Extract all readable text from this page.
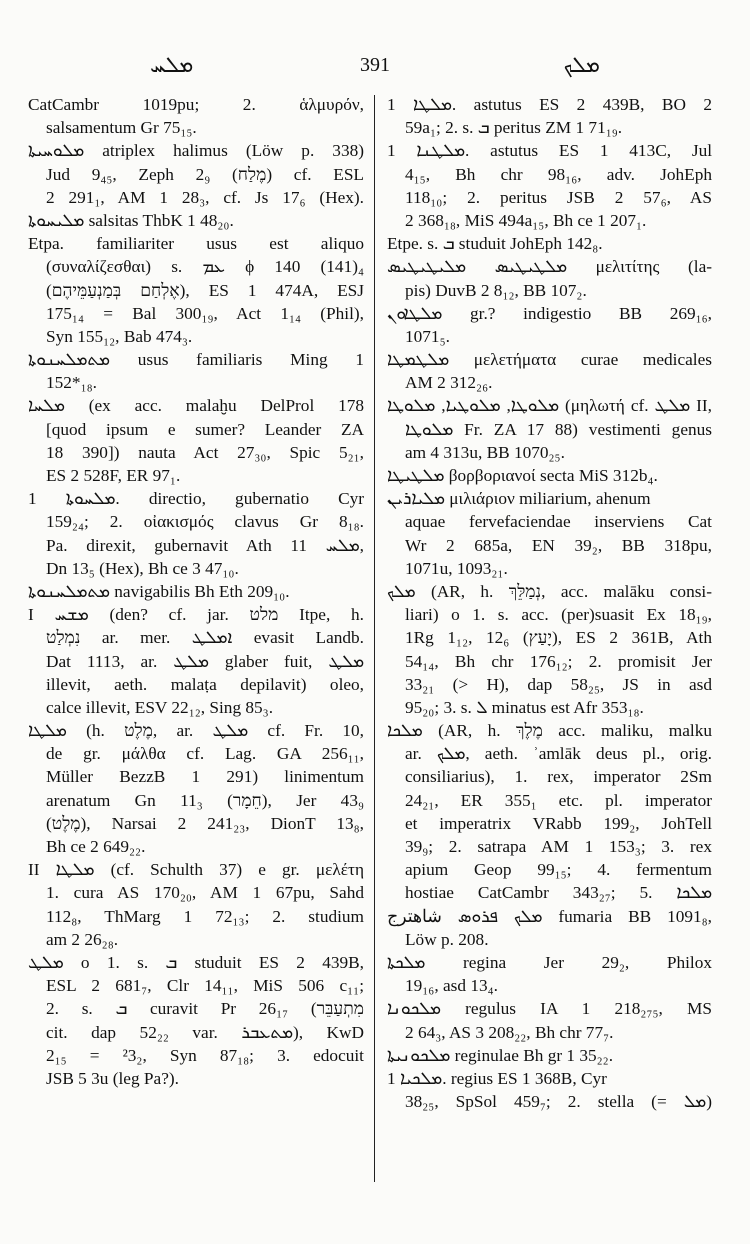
ܡܠܚ	391	ܡܠܟ
CatCambr 1019pu; 2. ἁλμυρόν,
salsamentum Gr 75₁₅.
ܡܠܘܚܝܬܐ atriplex halimus (Löw p. 338)
Jud 9₄₅, Zeph 2₉ (מֶלַח) cf. ESL
2 291₁, AM 1 28₃, cf. Js 17₆ (Hex).
ܡܠܝܚܘܬܐ salsitas ThbK 1 48₂₀.
Etpa. familiariter usus est aliquo
(συναλίζεσθαι) s. ܥܡ ϕ 140 (141)₄
(אֶלְחַם בְּמַנְעַמֵּיהֶם), ES 1 474A, ESJ
175₁₄ = Bal 300₁₉, Act 1₁₄ (Phil),
Syn 155₁₂, Bab 474₃.
ܡܬܡܠܚܢܘܬܐ usus familiaris Ming 1
152*₁₈.
ܡܠܚܐ (ex acc. malaḫu DelProl 178
[quod ipsum e sumer? Leander ZA
18 390]) nauta Act 27₃₀, Spic 5₂₁,
ES 2 528F, ER 97₁.
ܡܠܚܘܬܐ 1. directio, gubernatio Cyr
159₂₄; 2. οἰακισμός clavus Gr 8₁₈.
Pa. direxit, gubernavit Ath ܡܠܚ 11,
Dn 13₅ (Hex), Bh ce 3 47₁₀.
ܡܬܡܠܚܢܘܬܐ navigabilis Bh Eth 209₁₀.
I ܡܫܚ (den? cf. jar. מלט Itpe, h.
נִמְלַט ar. mer. ܐܡܠܛ evasit Landb.
Dat 1113, ar. ܡܠܛ glaber fuit, ܡܠܛ
illevit, aeth. malaṭa depilavit) oleo,
calce illevit, ESV 22₁₂, Sing 85₃.
ܡܠܛܐ (h. מֶלֶט, ar. ܡܠܛ cf. Fr. 10,
de gr. μάλθα cf. Lag. GA 256₁₁,
Müller BezzB 1 291) linimentum
arenatum Gn 11₃ (חֵמָר), Jer 43₉
(מֶלֶט), Narsai 2 241₂₃, DionT 13₈,
Bh ce 2 649₂₂.
II ܡܠܛܐ (cf. Schulth 37) e gr. μελέτη
1. cura AS 170₂₀, AM 1 67pu, Sahd
112₈, ThMarg 1 72₁₃; 2. studium
am 2 26₂₈.
ܡܠܛ o 1. s. ܒ studuit ES 2 439B,
ESL 2 681₇, Clr 14₁₁, MiS 506 c₁₁;
2. s. ܒ curavit Pr 26₁₇ (מִתְעַבֵּר
cit. dap 52₂₂ var. ܡܬܥܒܪ), KwD
2₁₅ = ²3₂, Syn 87₁₈; 3. edocuit
JSB 5 3u (leg Pa?).
ܡܠܛܐ 1. astutus ES 2 439B, BO 2
59a₁; 2. s. ܒ peritus ZM 1 71₁₉.
ܡܠܛܢܐ 1. astutus ES 1 413C, Jul
4₁₅, Bh chr 98₁₆, adv. JohEph
118₁₀; 2. peritus JSB 2 57₆, AS
2 368₁₈, MiS 494a₁₅, Bh ce 1 207₁.
Etpe. s. ܒ studuit JohEph 142₈.
ܡܠܛܝܛܝܣ ܡܠܝܛܝܛܝܣ μελιτίτης (la-
pis) DuvB 2 8₁₂, BB 107₂.
ܡܠܛܐܘܢ gr.? indigestio BB 269₁₆,
1071₅.
ܡܠܛܡܛܐ μελετήματα curae medicales
AM 2 312₂₆.
ܡܠܘܛܐ, ܡܠܘܛܝܐ, ܡܠܘܛܐ (μηλωτή cf. ܡܠܛ II,
ܡܠܘܛܐ Fr. ZA 17 88) vestimenti genus
am 4 313u, BB 1070₂₅.
ܡܠܛܝܛܐ βορβοριανοί secta MiS 312b₄.
ܡܠܝܐܪܝܢ μιλιάριον miliarium, ahenum
aquae fervefaciendae inserviens Cat
Wr 2 685a, EN 39₂, BB 318pu,
1071u, 1093₂₁.
ܡܠܟ (AR, h. נְמַלֵּךְ, acc. malāku consi-
liari) o 1. s. acc. (per)suasit Ex 18₁₉,
1Rg 1₁₂, 12₆ (יָעַץ), ES 2 361B, Ath
54₁₄, Bh chr 176₁₂; 2. promisit Jer
33₂₁ (> H), dap 58₂₅, JS in asd
95₂₀; 3. s. ܠ minatus est Afr 353₁₈.
ܡܠܟܐ (AR, h. מֶלֶךְ acc. maliku, malku
ar. ܡܠܟ, aeth. ʾamlāk deus pl., orig.
consiliarius), 1. rex, imperator 2Sm
24₂₁, ER 355₁ etc. pl. imperator
et imperatrix VRabb 199₂, JohTell
39₉; 2. satrapa AM 1 153₃; 3. rex
apium Geop 99₁₅; 4. fermentum
hostiae CatCambr 343₂₇; 5. ܡܠܟܐ
ܡܠܟ ܦܪܘܣ شاهترج fumaria BB 1091₈,
Löw p. 208.
ܡܠܟܬܐ regina Jer 29₂, Philox
19₁₆, asd 13₄.
ܡܠܟܘܢܐ regulus IA 1 218₂₇₅, MS
2 64₃, AS 3 208₂₂, Bh chr 77₇.
ܡܠܟܘܢܝܬܐ reginulae Bh gr 1 35₂₂.
ܡܠܟܝܐ 1. regius ES 1 368B, Cyr
38₂₅, SpSol 459₇; 2. stella (= ܡܠ)
